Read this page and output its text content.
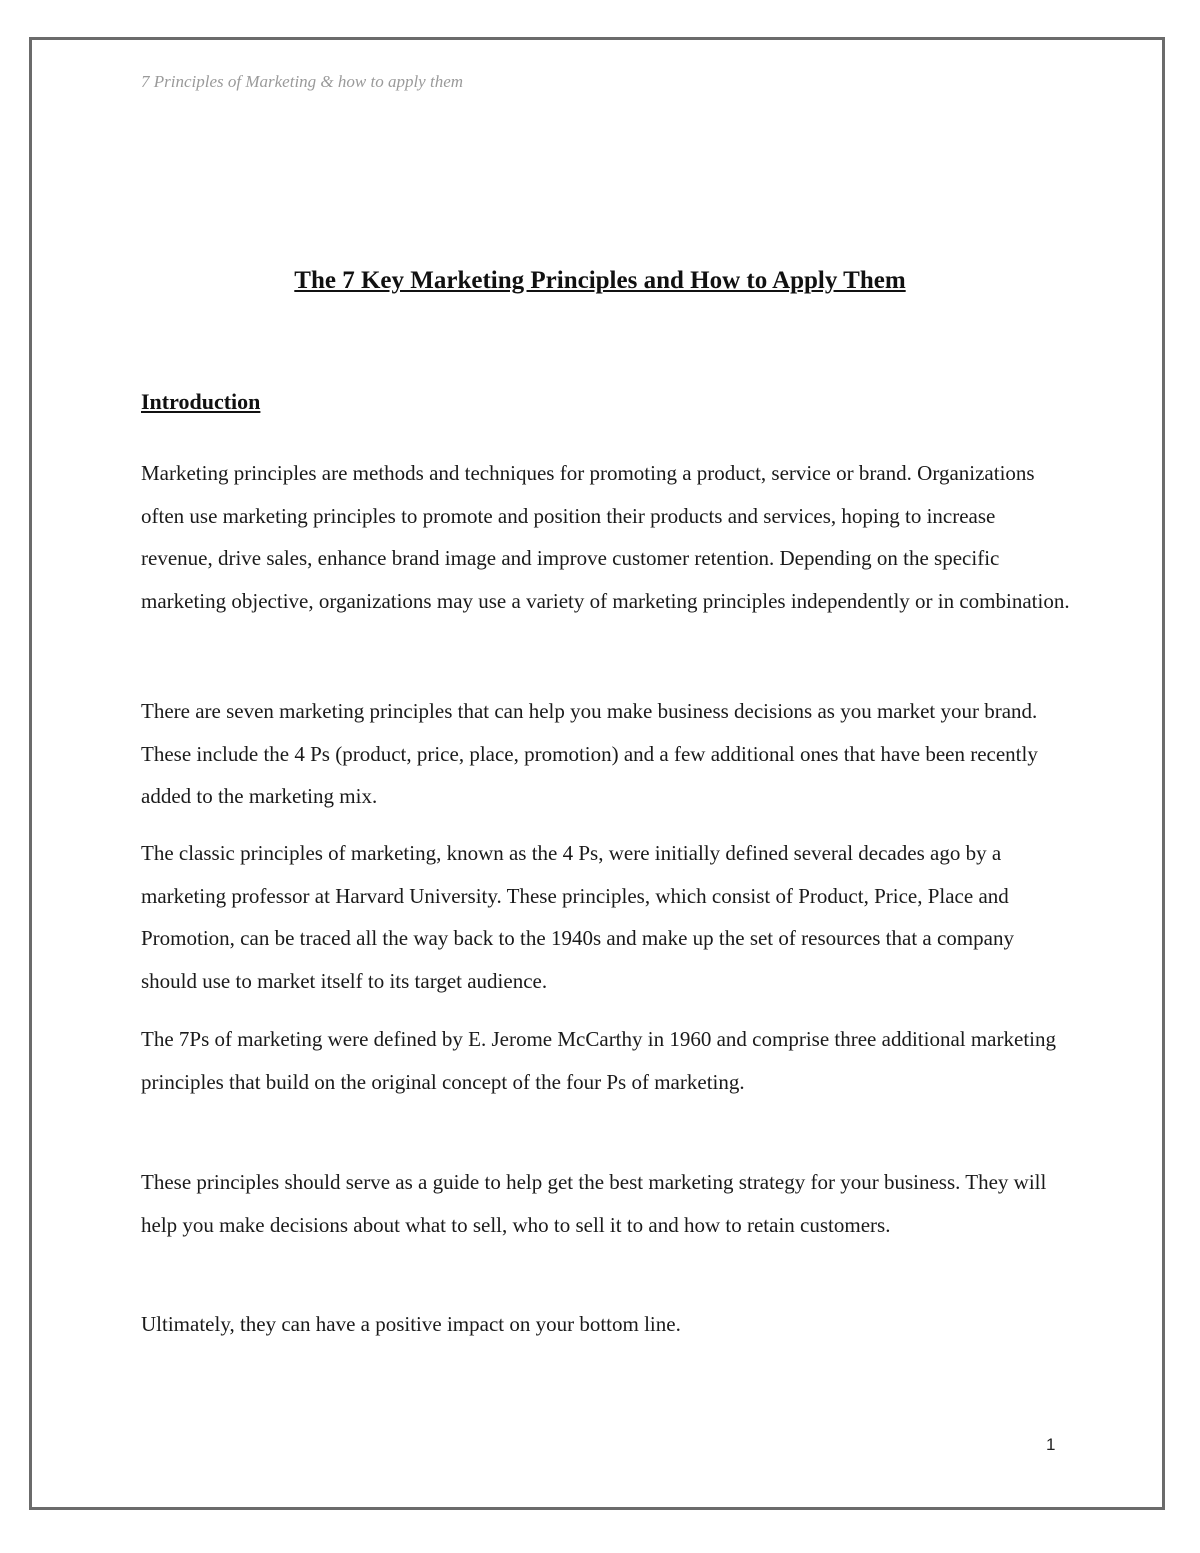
7 Principles of Marketing & how to apply them
The 7 Key Marketing Principles and How to Apply Them
Introduction

Marketing principles are methods and techniques for promoting a product, service or brand. Organizations often use marketing principles to promote and position their products and services, hoping to increase revenue, drive sales, enhance brand image and improve customer retention. Depending on the specific marketing objective, organizations may use a variety of marketing principles independently or in combination.

There are seven marketing principles that can help you make business decisions as you market your brand. These include the 4 Ps (product, price, place, promotion) and a few additional ones that have been recently added to the marketing mix.

The classic principles of marketing, known as the 4 Ps, were initially defined several decades ago by a marketing professor at Harvard University. These principles, which consist of Product, Price, Place and Promotion, can be traced all the way back to the 1940s and make up the set of resources that a company should use to market itself to its target audience.

The 7Ps of marketing were defined by E. Jerome McCarthy in 1960 and comprise three additional marketing principles that build on the original concept of the four Ps of marketing.

These principles should serve as a guide to help get the best marketing strategy for your business. They will help you make decisions about what to sell, who to sell it to and how to retain customers.

Ultimately, they can have a positive impact on your bottom line.

1
